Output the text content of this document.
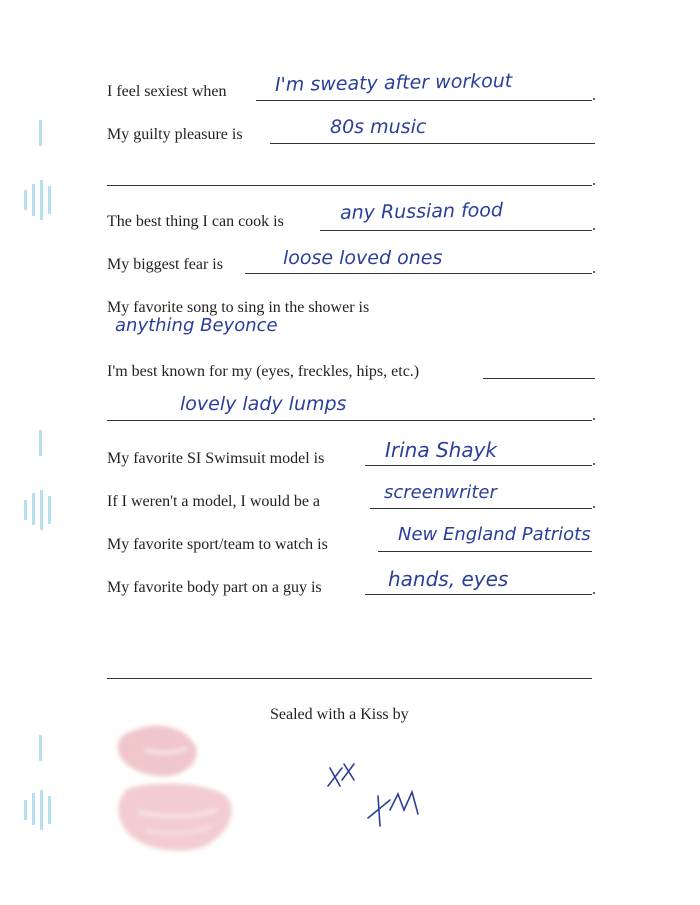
I feel sexiest when	I'm sweaty after workout
My guilty pleasure is	80s music
The best thing I can cook is	any Russian food
My biggest fear is	loose loved ones
My favorite song to sing in the shower is
anything Beyonce
I'm best known for my (eyes, freckles, hips, etc.)
lovely lady lumps
My favorite SI Swimsuit model is	Irina Shayk
If I weren't a model, I would be a	screenwriter
My favorite sport/team to watch is	New England Patriots
My favorite body part on a guy is	hands, eyes
Sealed with a Kiss by
